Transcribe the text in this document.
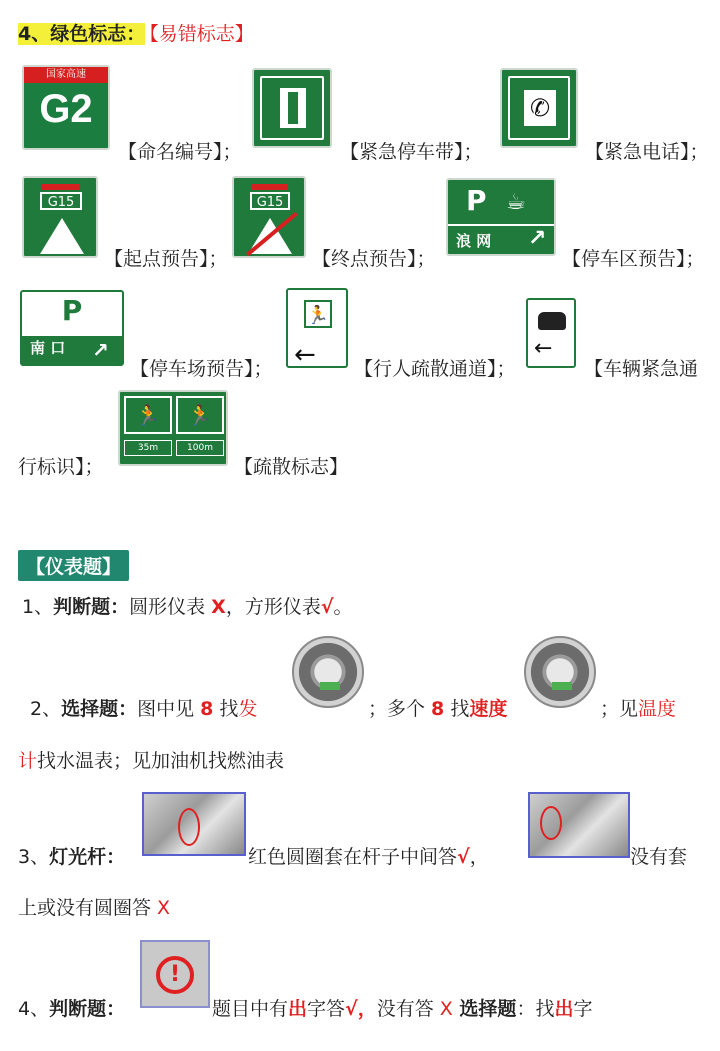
4、绿色标志： 【易错标志】
国家高速
G2
【命名编号】；	【紧急停车带】；
✆
【紧急电话】；
G15
【起点预告】；
G15
【终点预告】；
P ☕
浪 网 ↗
【停车区预告】；
P
南 口 ↗
【停车场预告】；
🏃
← 【行人疏散通道】；
←
【车辆紧急通
行标识】；
🏃	🏃
35m	100m
【疏散标志】
【仪表题】
1、判断题：圆形仪表 X，方形仪表√。
2、选择题：图中见 8 找发	；多个 8 找速度	；见温度
计找水温表；见加油机找燃油表
3、灯光杆：	红色圆圈套在杆子中间答√，	没有套
上或没有圆圈答 X
!
4、判断题：	题目中有出字答√，没有答 X 选择题：找出字
